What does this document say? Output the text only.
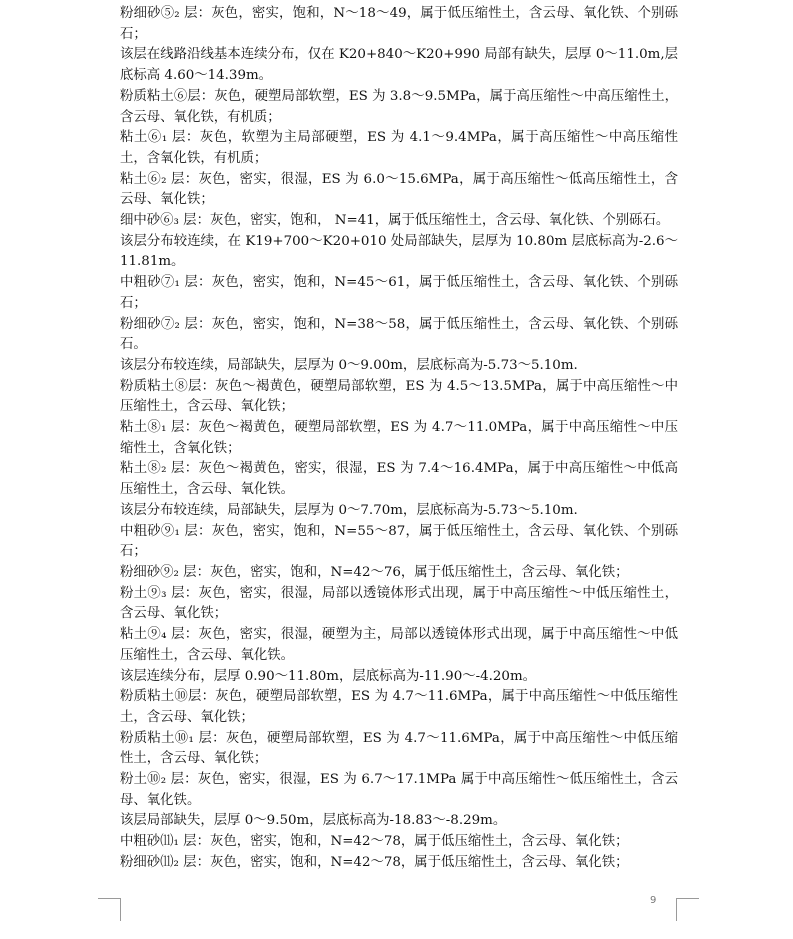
粉细砂⑤₂ 层：灰色，密实，饱和，N～18～49，属于低压缩性土，含云母、氧化铁、个别砾石；

该层在线路沿线基本连续分布，仅在 K20+840～K20+990 局部有缺失，层厚 0～11.0m,层底标高 4.60～14.39m。

粉质粘土⑥层：灰色，硬塑局部软塑，ES 为 3.8～9.5MPa，属于高压缩性～中高压缩性土，含云母、氧化铁，有机质；

粘土⑥₁ 层：灰色，软塑为主局部硬塑，ES 为 4.1～9.4MPa，属于高压缩性～中高压缩性土，含氧化铁，有机质；

粘土⑥₂ 层：灰色，密实，很湿，ES 为 6.0～15.6MPa，属于高压缩性～低高压缩性土，含云母、氧化铁；

细中砂⑥₃ 层：灰色，密实，饱和， N=41，属于低压缩性土，含云母、氧化铁、个别砾石。

该层分布较连续，在 K19+700～K20+010 处局部缺失，层厚为 10.80m 层底标高为-2.6～11.81m。

中粗砂⑦₁ 层：灰色，密实，饱和，N=45～61，属于低压缩性土，含云母、氧化铁、个别砾石；

粉细砂⑦₂ 层：灰色，密实，饱和，N=38～58，属于低压缩性土，含云母、氧化铁、个别砾石。

该层分布较连续，局部缺失，层厚为 0～9.00m，层底标高为-5.73～5.10m.

粉质粘土⑧层：灰色～褐黄色，硬塑局部软塑，ES 为 4.5～13.5MPa，属于中高压缩性～中压缩性土，含云母、氧化铁；

粘土⑧₁ 层：灰色～褐黄色，硬塑局部软塑，ES 为 4.7～11.0MPa，属于中高压缩性～中压缩性土，含氧化铁；

粘土⑧₂ 层：灰色～褐黄色，密实，很湿，ES 为 7.4～16.4MPa，属于中高压缩性～中低高压缩性土，含云母、氧化铁。

该层分布较连续，局部缺失，层厚为 0～7.70m，层底标高为-5.73～5.10m.

中粗砂⑨₁ 层：灰色，密实，饱和，N=55～87，属于低压缩性土，含云母、氧化铁、个别砾石；

粉细砂⑨₂ 层：灰色，密实，饱和，N=42～76，属于低压缩性土，含云母、氧化铁；

粉土⑨₃ 层：灰色，密实，很湿，局部以透镜体形式出现，属于中高压缩性～中低压缩性土，含云母、氧化铁；

粘土⑨₄ 层：灰色，密实，很湿，硬塑为主，局部以透镜体形式出现，属于中高压缩性～中低压缩性土，含云母、氧化铁。

该层连续分布，层厚 0.90～11.80m，层底标高为-11.90～-4.20m。

粉质粘土⑩层：灰色，硬塑局部软塑，ES 为 4.7～11.6MPa，属于中高压缩性～中低压缩性土，含云母、氧化铁；

粉质粘土⑩₁ 层：灰色，硬塑局部软塑，ES 为 4.7～11.6MPa，属于中高压缩性～中低压缩性土，含云母、氧化铁；

粉土⑩₂ 层：灰色，密实，很湿，ES 为 6.7～17.1MPa 属于中高压缩性～低压缩性土，含云母、氧化铁。

该层局部缺失，层厚 0～9.50m，层底标高为-18.83～-8.29m。

中粗砂⑾₁ 层：灰色，密实，饱和，N=42～78，属于低压缩性土，含云母、氧化铁；

粉细砂⑾₂ 层：灰色，密实，饱和，N=42～78，属于低压缩性土，含云母、氧化铁；

9
